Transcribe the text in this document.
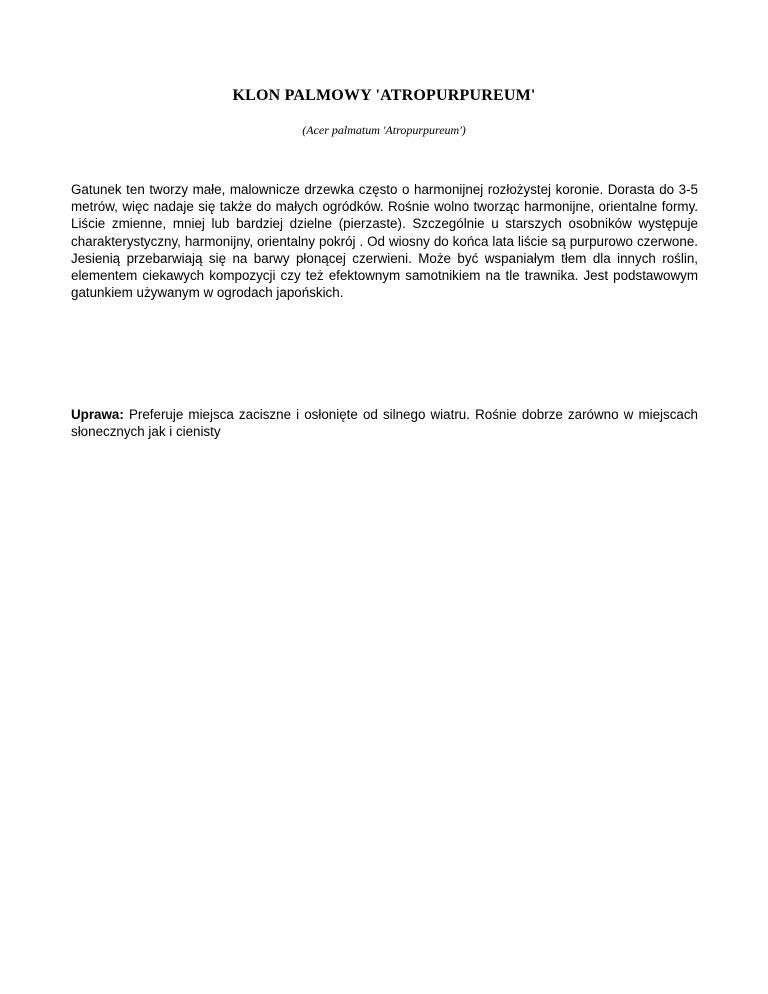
KLON PALMOWY 'ATROPURPUREUM'

(Acer palmatum 'Atropurpureum')

Gatunek ten tworzy małe, malownicze drzewka często o harmonijnej rozłożystej koronie. Dorasta do 3-5 metrów, więc nadaje się także do małych ogródków. Rośnie wolno tworząc harmonijne, orientalne formy. Liście zmienne, mniej lub bardziej dzielne (pierzaste). Szczególnie u starszych osobników występuje charakterystyczny, harmonijny, orientalny pokrój . Od wiosny do końca lata liście są purpurowo czerwone. Jesienią przebarwiają się na barwy płonącej czerwieni. Może być wspaniałym tłem dla innych roślin, elementem ciekawych kompozycji czy też efektownym samotnikiem na tle trawnika. Jest podstawowym gatunkiem używanym w ogrodach japońskich.

Uprawa: Preferuje miejsca zaciszne i osłonięte od silnego wiatru. Rośnie dobrze zarówno w miejscach słonecznych jak i cienisty
